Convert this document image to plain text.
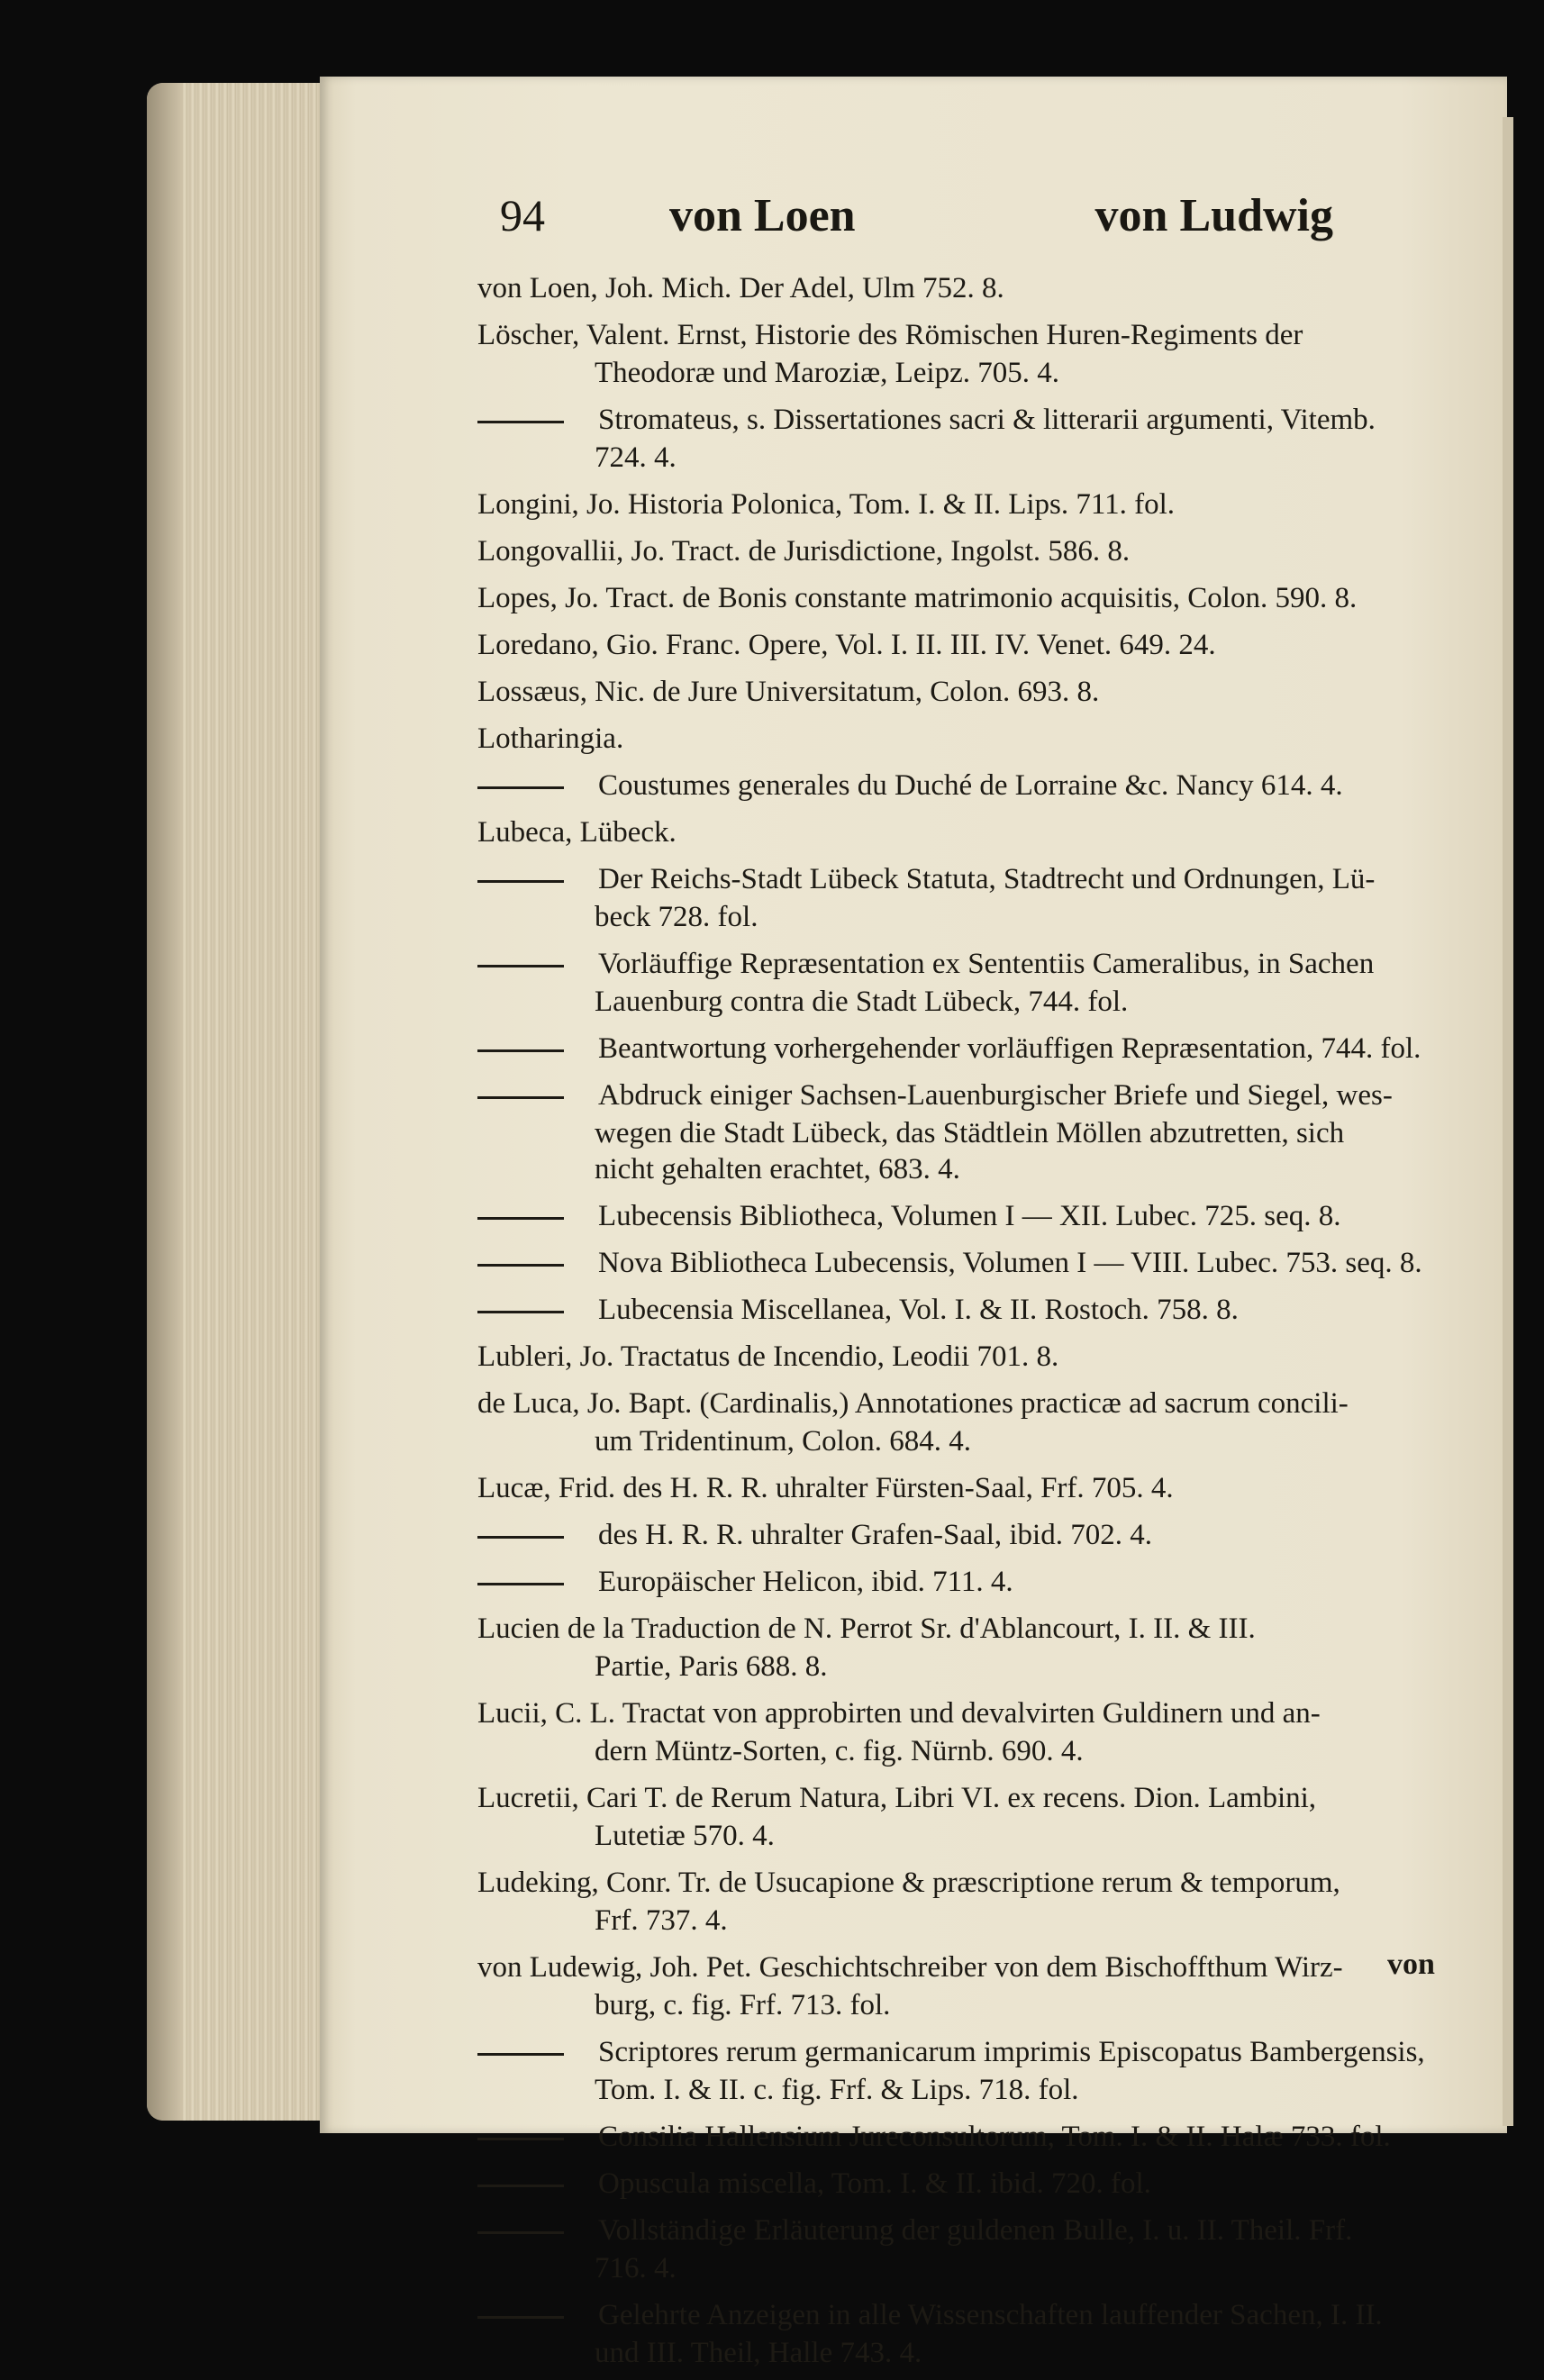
94	von Loen	von Ludwig
von Loen, Joh. Mich. Der Adel, Ulm 752. 8.
Löscher, Valent. Ernst, Historie des Römischen Huren-Regiments der
Theodoræ und Maroziæ, Leipz. 705. 4.
Stromateus, s. Dissertationes sacri & litterarii argumenti, Vitemb.
724. 4.
Longini, Jo. Historia Polonica, Tom. I. & II. Lips. 711. fol.
Longovallii, Jo. Tract. de Jurisdictione, Ingolst. 586. 8.
Lopes, Jo. Tract. de Bonis constante matrimonio acquisitis, Colon. 590. 8.
Loredano, Gio. Franc. Opere, Vol. I. II. III. IV. Venet. 649. 24.
Lossæus, Nic. de Jure Universitatum, Colon. 693. 8.
Lotharingia.
Coustumes generales du Duché de Lorraine &c. Nancy 614. 4.
Lubeca, Lübeck.
Der Reichs-Stadt Lübeck Statuta, Stadtrecht und Ordnungen, Lü-
beck 728. fol.
Vorläuffige Repræsentation ex Sententiis Cameralibus, in Sachen
Lauenburg contra die Stadt Lübeck, 744. fol.
Beantwortung vorhergehender vorläuffigen Repræsentation, 744. fol.
Abdruck einiger Sachsen-Lauenburgischer Briefe und Siegel, wes-
wegen die Stadt Lübeck, das Städtlein Möllen abzutretten, sich
nicht gehalten erachtet, 683. 4.
Lubecensis Bibliotheca, Volumen I — XII. Lubec. 725. seq. 8.
Nova Bibliotheca Lubecensis, Volumen I — VIII. Lubec. 753. seq. 8.
Lubecensia Miscellanea, Vol. I. & II. Rostoch. 758. 8.
Lubleri, Jo. Tractatus de Incendio, Leodii 701. 8.
de Luca, Jo. Bapt. (Cardinalis,) Annotationes practicæ ad sacrum concili-
um Tridentinum, Colon. 684. 4.
Lucæ, Frid. des H. R. R. uhralter Fürsten-Saal, Frf. 705. 4.
des H. R. R. uhralter Grafen-Saal, ibid. 702. 4.
Europäischer Helicon, ibid. 711. 4.
Lucien de la Traduction de N. Perrot Sr. d'Ablancourt, I. II. & III.
Partie, Paris 688. 8.
Lucii, C. L. Tractat von approbirten und devalvirten Guldinern und an-
dern Müntz-Sorten, c. fig. Nürnb. 690. 4.
Lucretii, Cari T. de Rerum Natura, Libri VI. ex recens. Dion. Lambini,
Lutetiæ 570. 4.
Ludeking, Conr. Tr. de Usucapione & præscriptione rerum & temporum,
Frf. 737. 4.
von Ludewig, Joh. Pet. Geschichtschreiber von dem Bischoffthum Wirz-
burg, c. fig. Frf. 713. fol.
Scriptores rerum germanicarum imprimis Episcopatus Bambergensis,
Tom. I. & II. c. fig. Frf. & Lips. 718. fol.
Consilia Hallensium Jureconsultorum, Tom. I. & II. Halæ 733. fol.
Opuscula miscella, Tom. I. & II. ibid. 720. fol.
Vollständige Erläuterung der guldenen Bulle, I. u. II. Theil. Frf.
716. 4.
Gelehrte Anzeigen in alle Wissenschaften lauffender Sachen, I. II.
und III. Theil, Halle 743. 4.
von
